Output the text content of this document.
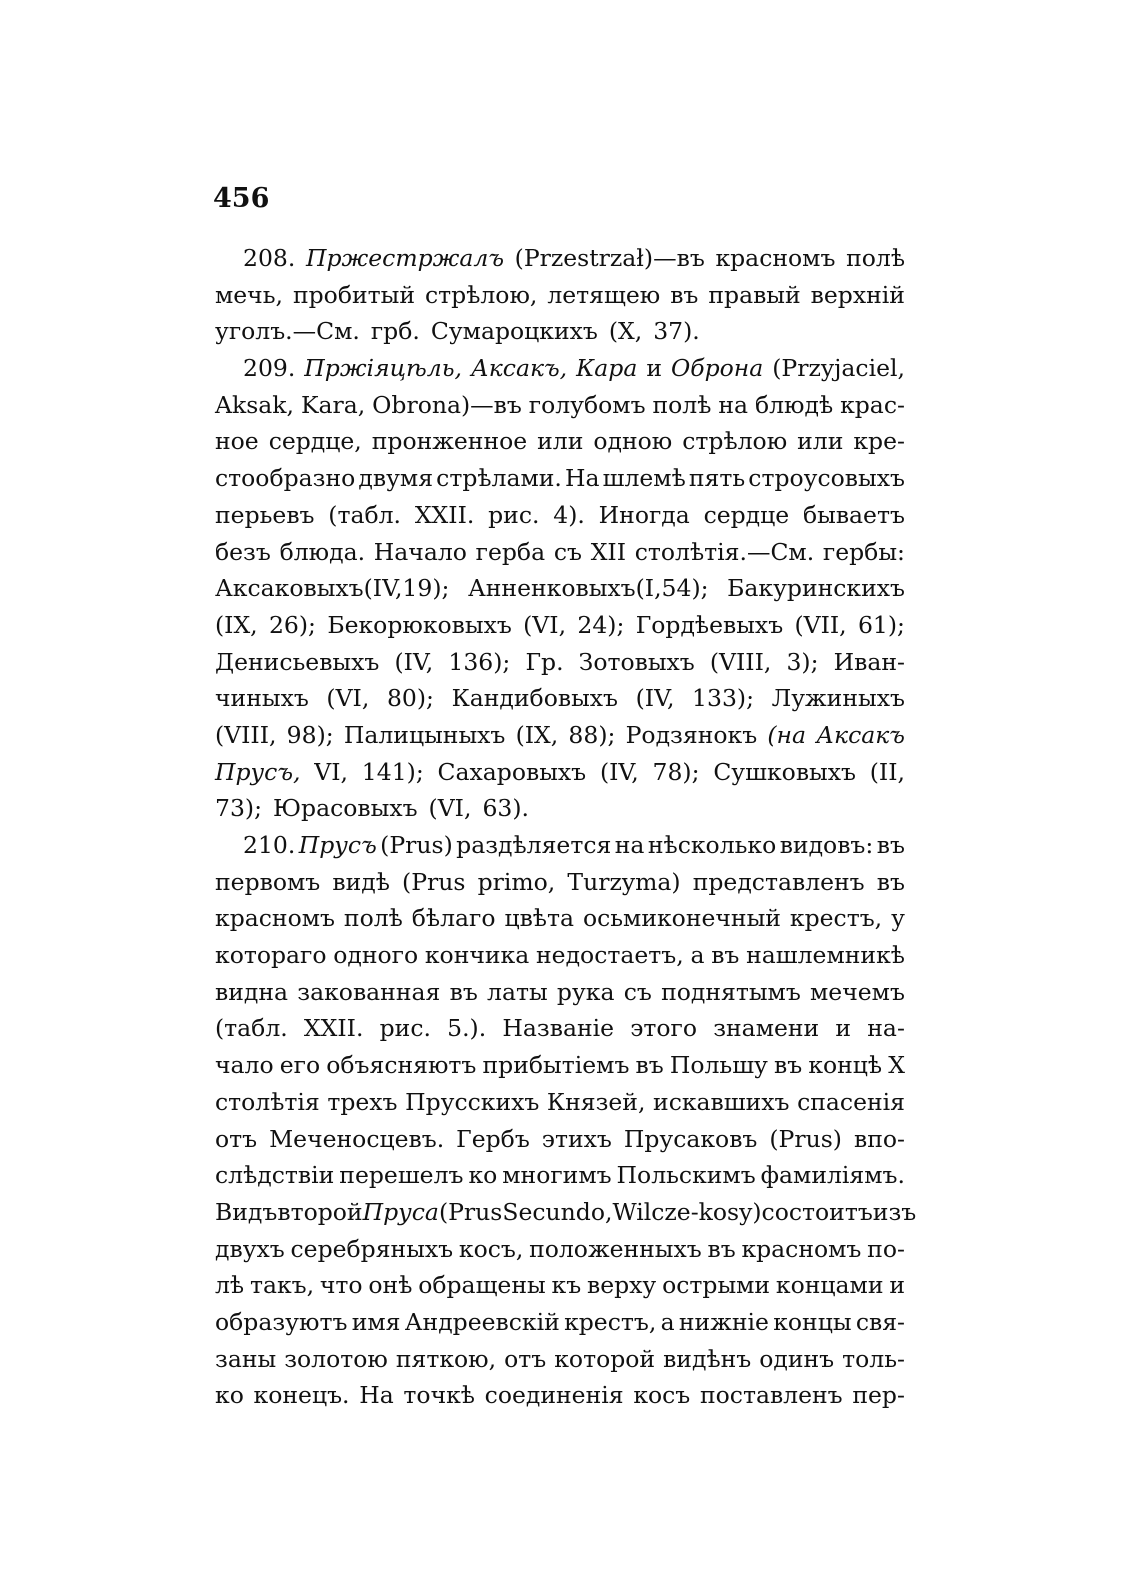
456
208. Пржестржалъ (Przestrzał)—въ красномъ полѣ
мечь, пробитый стрѣлою, летящею въ правый верхній
уголъ.—См. грб. Сумароцкихъ (X, 37).
209. Пржіяцѣль, Аксакъ, Кара и Оброна (Przyjaciel,
Aksak, Kara, Obrona)—въ голубомъ полѣ на блюдѣ крас-
ное сердце, пронженное или одною стрѣлою или кре-
стообразно двумя стрѣлами. На шлемѣ пять строусовыхъ
перьевъ (табл. XXII. рис. 4). Иногда сердце бываетъ
безъ блюда. Начало герба съ XII столѣтія.—См. гербы:
Аксаковыхъ(IV,19); Анненковыхъ(I,54); Бакуринскихъ
(IX, 26); Бекорюковыхъ (VI, 24); Гордѣевыхъ (VII, 61);
Денисьевыхъ (IV, 136); Гр. Зотовыхъ (VIII, 3); Иван-
чиныхъ (VI, 80); Кандибовыхъ (IV, 133); Лужиныхъ
(VIII, 98); Палицыныхъ (IX, 88); Родзянокъ (на Аксакъ
Прусъ, VI, 141); Сахаровыхъ (IV, 78); Сушковыхъ (II,
73); Юрасовыхъ (VI, 63).
210. Прусъ (Prus) раздѣляется на нѣсколько видовъ: въ
первомъ видѣ (Prus primo, Turzyma) представленъ въ
красномъ полѣ бѣлаго цвѣта осьмиконечный крестъ, у
котораго одного кончика недостаетъ, а въ нашлемникѣ
видна закованная въ латы рука съ поднятымъ мечемъ
(табл. XXII. рис. 5.). Названіе этого знамени и на-
чало его объясняютъ прибытіемъ въ Польшу въ концѣ X
столѣтія трехъ Прусскихъ Князей, искавшихъ спасенія
отъ Меченосцевъ. Гербъ этихъ Прусаковъ (Prus) впо-
слѣдствіи перешелъ ко многимъ Польскимъ фамиліямъ.
Видъ второй Пруса (Prus Secundo, Wilcze-kosy) состоитъ изъ
двухъ серебряныхъ косъ, положенныхъ въ красномъ по-
лѣ такъ, что онѣ обращены къ верху острыми концами и
образуютъ имя Андреевскій крестъ, а нижніе концы свя-
заны золотою пяткою, отъ которой видѣнъ одинъ толь-
ко конецъ. На точкѣ соединенія косъ поставленъ пер-
